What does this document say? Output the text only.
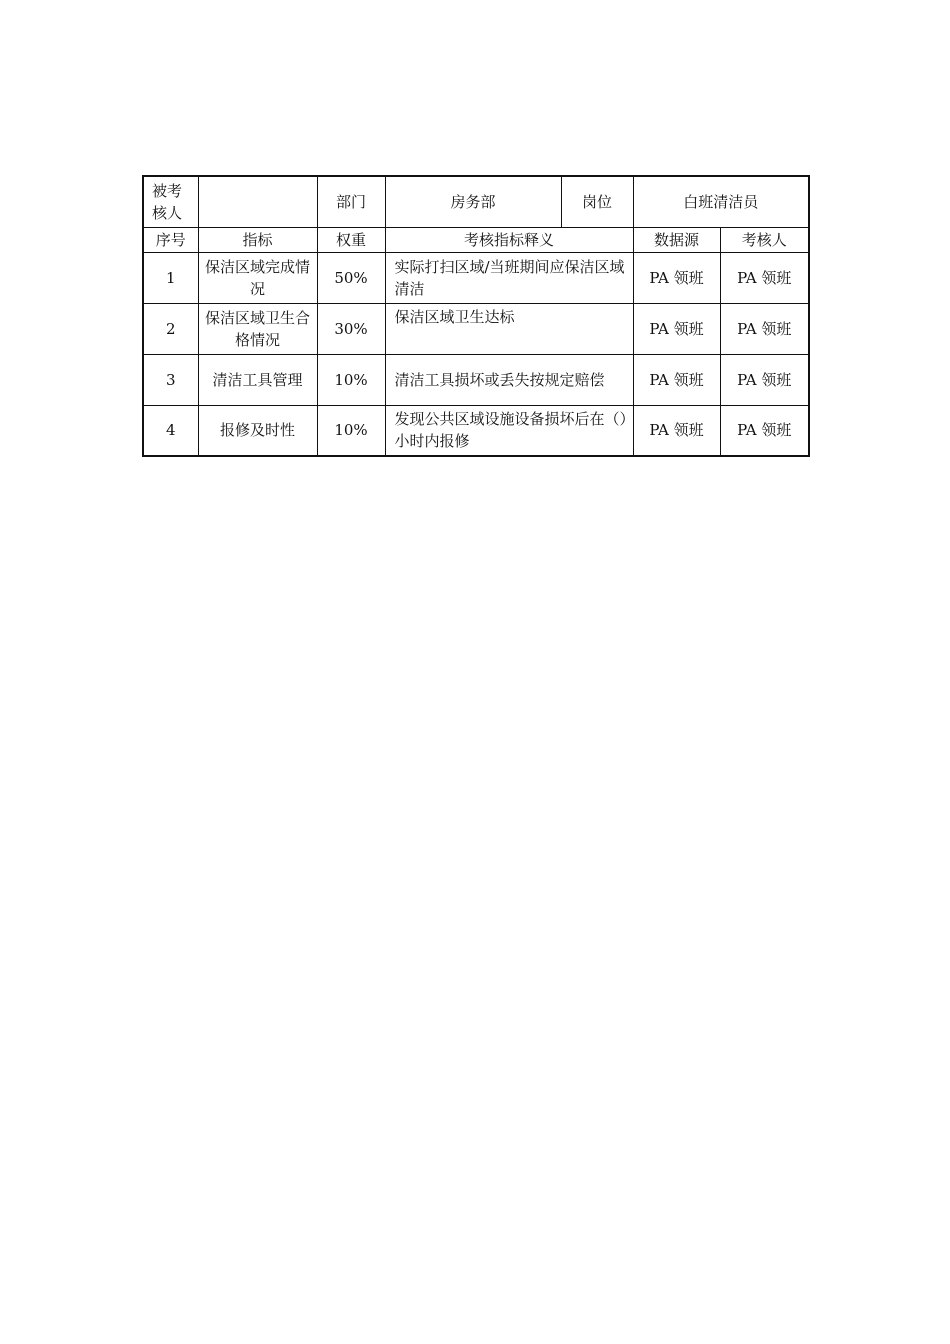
被考核人		部门	房务部	岗位	白班清洁员	
序号	指标	权重	考核指标释义		数据源	考核人
1	保洁区域完成情况	50%	实际打扫区域/当班期间应保洁区域清洁		PA 领班	PA 领班
2	保洁区域卫生合格情况	30%	保洁区域卫生达标		PA 领班	PA 领班
3	清洁工具管理	10%	清洁工具损坏或丢失按规定赔偿		PA 领班	PA 领班
4	报修及时性	10%	发现公共区域设施设备损坏后在（）小时内报修		PA 领班	PA 领班
